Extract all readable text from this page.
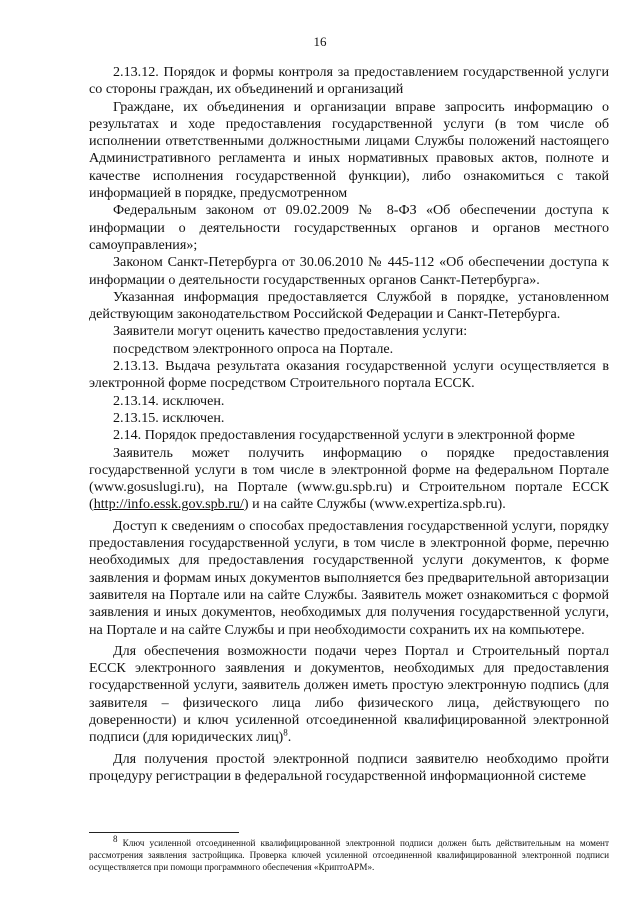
16

2.13.12. Порядок и формы контроля за предоставлением государственной услуги со стороны граждан, их объединений и организаций

Граждане, их объединения и организации вправе запросить информацию о результатах и ходе предоставления государственной услуги (в том числе об исполнении ответственными должностными лицами Службы положений настоящего Административного регламента и иных нормативных правовых актов, полноте и качестве исполнения государственной функции), либо ознакомиться с такой информацией в порядке, предусмотренном

Федеральным законом от 09.02.2009 № 8-ФЗ «Об обеспечении доступа к информации о деятельности государственных органов и органов местного самоуправления»;

Законом Санкт-Петербурга от 30.06.2010 № 445-112 «Об обеспечении доступа к информации о деятельности государственных органов Санкт-Петербурга».

Указанная информация предоставляется Службой в порядке, установленном действующим законодательством Российской Федерации и Санкт-Петербурга.

Заявители могут оценить качество предоставления услуги:

посредством электронного опроса на Портале.

2.13.13. Выдача результата оказания государственной услуги осуществляется в электронной форме посредством Строительного портала ЕССК.

2.13.14. исключен.

2.13.15. исключен.

2.14. Порядок предоставления государственной услуги в электронной форме

Заявитель может получить информацию о порядке предоставления государственной услуги в том числе в электронной форме на федеральном Портале (www.gosuslugi.ru), на Портале (www.gu.spb.ru) и Строительном портале ЕССК (http://info.essk.gov.spb.ru/) и на сайте Службы (www.expertiza.spb.ru).

Доступ к сведениям о способах предоставления государственной услуги, порядку предоставления государственной услуги, в том числе в электронной форме, перечню необходимых для предоставления государственной услуги документов, к форме заявления и формам иных документов выполняется без предварительной авторизации заявителя на Портале или на сайте Службы. Заявитель может ознакомиться с формой заявления и иных документов, необходимых для получения государственной услуги, на Портале и на сайте Службы и при необходимости сохранить их на компьютере.

Для обеспечения возможности подачи через Портал и Строительный портал ЕССК электронного заявления и документов, необходимых для предоставления государственной услуги, заявитель должен иметь простую электронную подпись (для заявителя – физического лица либо физического лица, действующего по доверенности) и ключ усиленной отсоединенной квалифицированной электронной подписи (для юридических лиц)$^8$.

Для получения простой электронной подписи заявителю необходимо пройти процедуру регистрации в федеральной государственной информационной системе

$^8$ Ключ усиленной отсоединенной квалифицированной электронной подписи должен быть действительным на момент рассмотрения заявления застройщика. Проверка ключей усиленной отсоединенной квалифицированной электронной подписи осуществляется при помощи программного обеспечения «КриптоАРМ».
